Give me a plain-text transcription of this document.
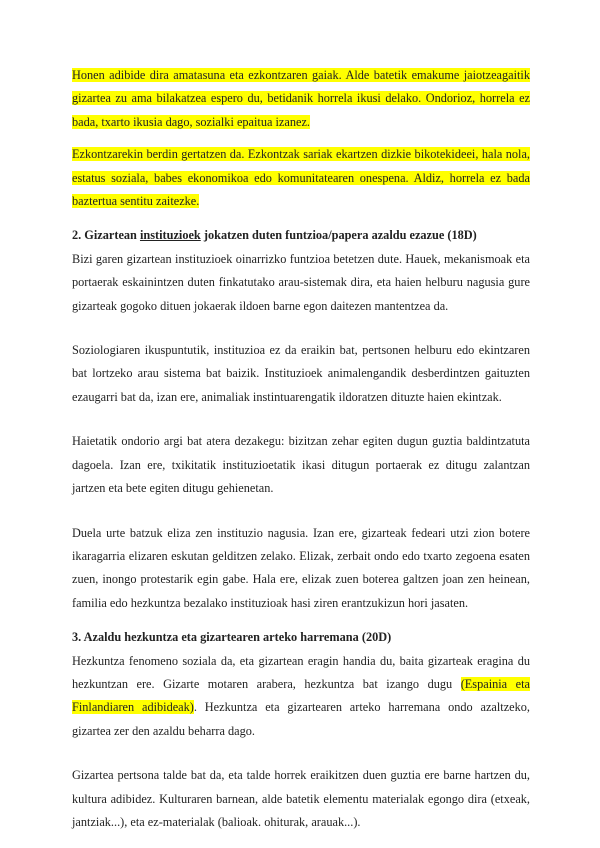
Honen adibide dira amatasuna eta ezkontzaren gaiak. Alde batetik emakume jaiotzeagaitik gizartea zu ama bilakatzea espero du, betidanik horrela ikusi delako. Ondorioz, horrela ez bada, txarto ikusia dago, sozialki epaitua izanez.

Ezkontzarekin berdin gertatzen da. Ezkontzak sariak ekartzen dizkie bikotekideei, hala nola, estatus soziala, babes ekonomikoa edo komunitatearen onespena. Aldiz, horrela ez bada baztertua sentitu zaitezke.

2. Gizartean instituzioek jokatzen duten funtzioa/papera azaldu ezazue (18D)

Bizi garen gizartean instituzioek oinarrizko funtzioa betetzen dute. Hauek, mekanismoak eta portaerak eskainintzen duten finkatutako arau-sistemak dira, eta haien helburu nagusia gure gizarteak gogoko dituen jokaerak ildoen barne egon daitezen mantentzea da.

Soziologiaren ikuspuntutik, instituzioa ez da eraikin bat, pertsonen helburu edo ekintzaren bat lortzeko arau sistema bat baizik. Instituzioek animalengandik desberdintzen gaituzten ezaugarri bat da, izan ere, animaliak instintuarengatik ildoratzen dituzte haien ekintzak.

Haietatik ondorio argi bat atera dezakegu: bizitzan zehar egiten dugun guztia baldintzatuta dagoela. Izan ere, txikitatik instituzioetatik ikasi ditugun portaerak ez ditugu zalantzan jartzen eta bete egiten ditugu gehienetan.

Duela urte batzuk eliza zen instituzio nagusia. Izan ere, gizarteak fedeari utzi zion botere ikaragarria elizaren eskutan gelditzen zelako. Elizak, zerbait ondo edo txarto zegoena esaten zuen, inongo protestarik egin gabe. Hala ere, elizak zuen boterea galtzen joan zen heinean, familia edo hezkuntza bezalako instituzioak hasi ziren erantzukizun hori jasaten.

3. Azaldu hezkuntza eta gizartearen arteko harremana (20D)

Hezkuntza fenomeno soziala da, eta gizartean eragin handia du, baita gizarteak eragina du hezkuntzan ere. Gizarte motaren arabera, hezkuntza bat izango dugu (Espainia eta Finlandiaren adibideak). Hezkuntza eta gizartearen arteko harremana ondo azaltzeko, gizartea zer den azaldu beharra dago.

Gizartea pertsona talde bat da, eta talde horrek eraikitzen duen guztia ere barne hartzen du, kultura adibidez. Kulturaren barnean, alde batetik elementu materialak egongo dira (etxeak, jantziak...), eta ez-materialak (balioak. ohiturak, arauak...).
